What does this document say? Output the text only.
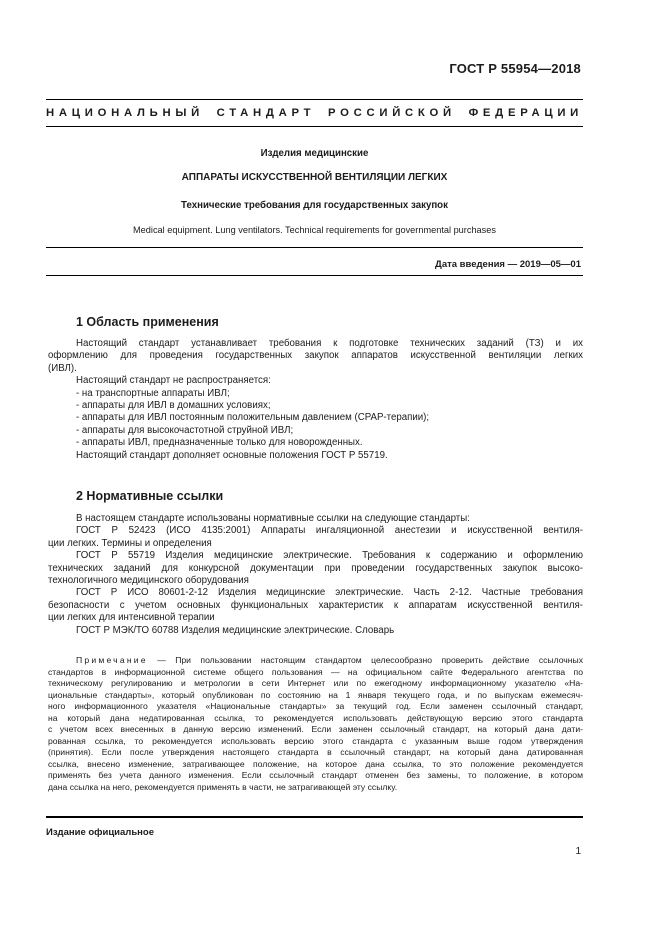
ГОСТ Р 55954—2018
НАЦИОНАЛЬНЫЙ СТАНДАРТ РОССИЙСКОЙ ФЕДЕРАЦИИ
Изделия медицинские
АППАРАТЫ ИСКУССТВЕННОЙ ВЕНТИЛЯЦИИ ЛЕГКИХ
Технические требования для государственных закупок
Medical equipment. Lung ventilators. Technical requirements for governmental purchases
Дата введения — 2019—05—01
1 Область применения
Настоящий стандарт устанавливает требования к подготовке технических заданий (ТЗ) и их
оформлению для проведения государственных закупок аппаратов искусственной вентиляции легких
(ИВЛ).
Настоящий стандарт не распространяется:
- на транспортные аппараты ИВЛ;
- аппараты для ИВЛ в домашних условиях;
- аппараты для ИВЛ постоянным положительным давлением (CPAP-терапии);
- аппараты для высокочастотной струйной ИВЛ;
- аппараты ИВЛ, предназначенные только для новорожденных.
Настоящий стандарт дополняет основные положения ГОСТ Р 55719.
2 Нормативные ссылки
В настоящем стандарте использованы нормативные ссылки на следующие стандарты:
ГОСТ Р 52423 (ИСО 4135:2001) Аппараты ингаляционной анестезии и искусственной вентиля-
ции легких. Термины и определения
ГОСТ Р 55719 Изделия медицинские электрические. Требования к содержанию и оформлению
технических заданий для конкурсной документации при проведении государственных закупок высоко-
технологичного медицинского оборудования
ГОСТ Р ИСО 80601-2-12 Изделия медицинские электрические. Часть 2-12. Частные требования
безопасности с учетом основных функциональных характеристик к аппаратам искусственной вентиля-
ции легких для интенсивной терапии
ГОСТ Р МЭК/ТО 60788 Изделия медицинские электрические. Словарь
Примечание — При пользовании настоящим стандартом целесообразно проверить действие ссылочных
стандартов в информационной системе общего пользования — на официальном сайте Федерального агентства по
техническому регулированию и метрологии в сети Интернет или по ежегодному информационному указателю «На-
циональные стандарты», который опубликован по состоянию на 1 января текущего года, и по выпускам ежемесяч-
ного информационного указателя «Национальные стандарты» за текущий год. Если заменен ссылочный стандарт,
на который дана недатированная ссылка, то рекомендуется использовать действующую версию этого стандарта
с учетом всех внесенных в данную версию изменений. Если заменен ссылочный стандарт, на который дана дати-
рованная ссылка, то рекомендуется использовать версию этого стандарта с указанным выше годом утверждения
(принятия). Если после утверждения настоящего стандарта в ссылочный стандарт, на который дана датированная
ссылка, внесено изменение, затрагивающее положение, на которое дана ссылка, то это положение рекомендуется
применять без учета данного изменения. Если ссылочный стандарт отменен без замены, то положение, в котором
дана ссылка на него, рекомендуется применять в части, не затрагивающей эту ссылку.
Издание официальное
1
